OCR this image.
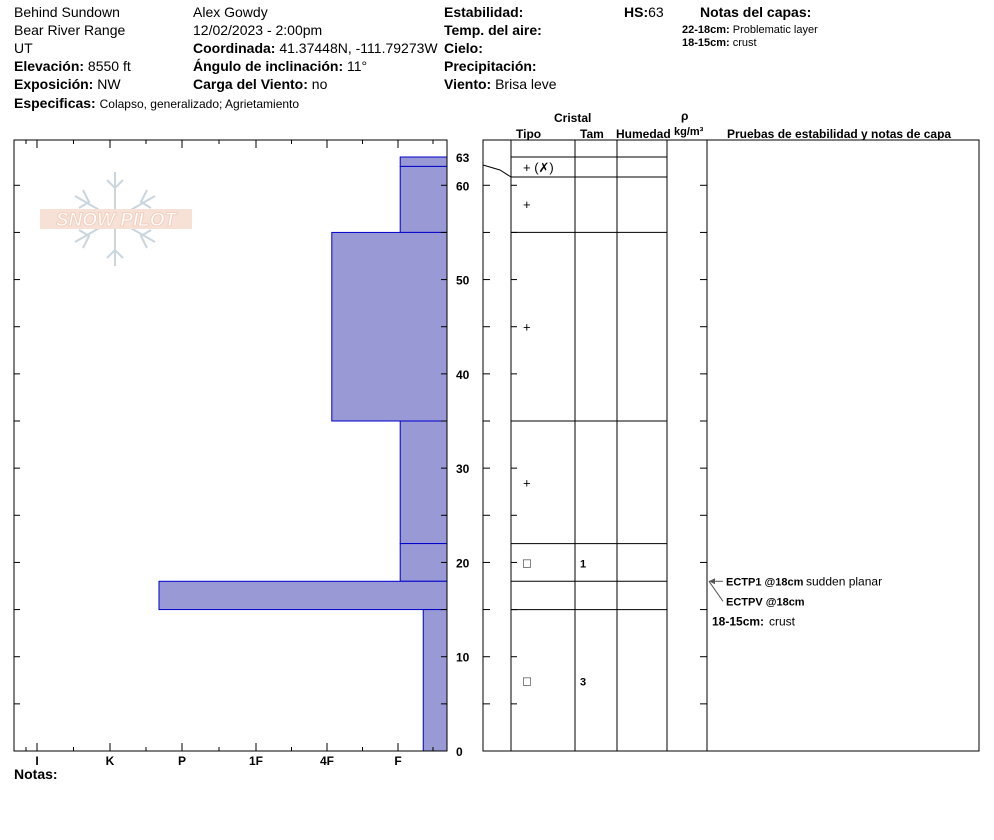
Behind Sundown
Bear River Range
UT
Elevación: 8550 ft
Exposición: NW
Especificas: Colapso, generalizado; Agrietamiento
Alex Gowdy
12/02/2023 - 2:00pm
Coordinada: 41.37448N, -111.79273W
Ángulo de inclinación: 11°
Carga del Viento: no
Estabilidad:
Temp. del aire:
Cielo:
Precipitación:
Viento: Brisa leve
HS:63	Notas del capas:
22-18cm: Problematic layer
18-15cm: crust
Cristal
Tipo	Tam Humedad
ρ
kg/m³ Pruebas de estabilidad y notas de capa
SNOW PILOT
0
10
20
30
40
50
60
63
I	K	P	1F	4F	F
+ (✗)
+
+
+
□	1
□	3
ECTP1 @18cm sudden planar
ECTPV @18cm
18-15cm: crust
Notas:
